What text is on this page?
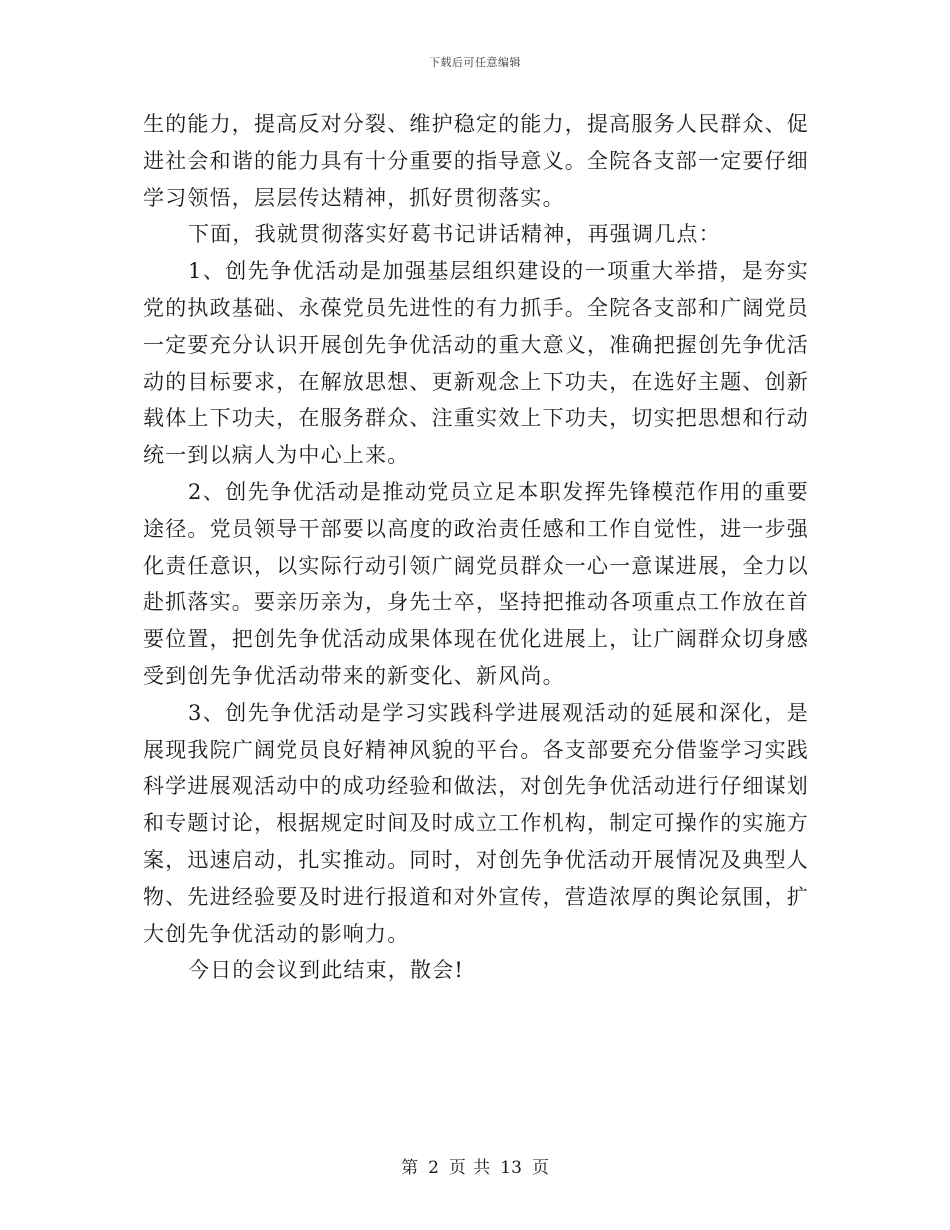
下载后可任意编辑

生的能力，提高反对分裂、维护稳定的能力，提高服务人民群众、促进社会和谐的能力具有十分重要的指导意义。全院各支部一定要仔细学习领悟，层层传达精神，抓好贯彻落实。

下面，我就贯彻落实好葛书记讲话精神，再强调几点：

1、创先争优活动是加强基层组织建设的一项重大举措，是夯实党的执政基础、永葆党员先进性的有力抓手。全院各支部和广阔党员一定要充分认识开展创先争优活动的重大意义，准确把握创先争优活动的目标要求，在解放思想、更新观念上下功夫，在选好主题、创新载体上下功夫，在服务群众、注重实效上下功夫，切实把思想和行动统一到以病人为中心上来。

2、创先争优活动是推动党员立足本职发挥先锋模范作用的重要途径。党员领导干部要以高度的政治责任感和工作自觉性，进一步强化责任意识，以实际行动引领广阔党员群众一心一意谋进展，全力以赴抓落实。要亲历亲为，身先士卒，坚持把推动各项重点工作放在首要位置，把创先争优活动成果体现在优化进展上，让广阔群众切身感受到创先争优活动带来的新变化、新风尚。

3、创先争优活动是学习实践科学进展观活动的延展和深化，是展现我院广阔党员良好精神风貌的平台。各支部要充分借鉴学习实践科学进展观活动中的成功经验和做法，对创先争优活动进行仔细谋划和专题讨论，根据规定时间及时成立工作机构，制定可操作的实施方案，迅速启动，扎实推动。同时，对创先争优活动开展情况及典型人物、先进经验要及时进行报道和对外宣传，营造浓厚的舆论氛围，扩大创先争优活动的影响力。

今日的会议到此结束，散会!

第 2 页 共 13 页
